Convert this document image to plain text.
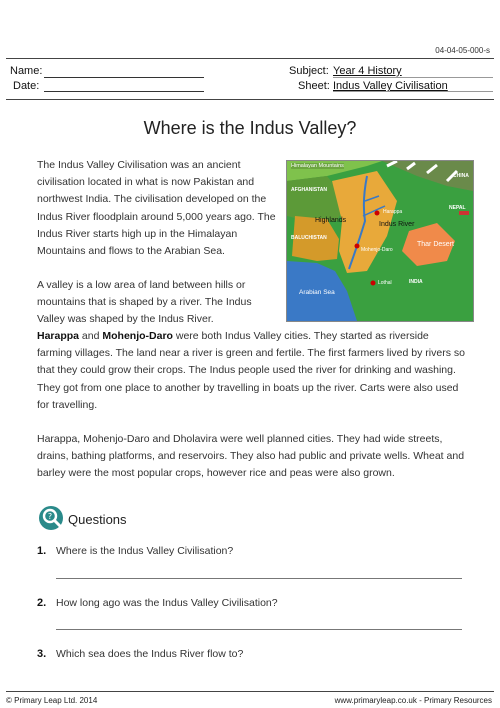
04-04-05-000-s
Name:
Date:
Subject: Year 4 History
Sheet: Indus Valley Civilisation
Where is the Indus Valley?
The Indus Valley Civilisation was an ancient civilisation located in what is now Pakistan and northwest India. The civilisation developed on the Indus River floodplain around 5,000 years ago. The Indus River starts high up in the Himalayan Mountains and flows to the Arabian Sea.
Himalayan Mountains
AFGHANISTAN
Highlands
BALUCHISTAN
Indus River
Harappa
Mohenjo-Daro
Thar Desert
INDIA
Arabian Sea
Lothal
CHINA
NEPAL
A valley is a low area of land between hills or mountains that is shaped by a river. The Indus Valley was shaped by the Indus River.
Harappa and Mohenjo-Daro were both Indus Valley cities. They started as riverside farming villages. The land near a river is green and fertile. The first farmers lived by rivers so that they could grow their crops. The Indus people used the river for drinking and washing. They got from one place to another by travelling in boats up the river. Carts were also used for travelling.
Harappa, Mohenjo-Daro and Dholavira were well planned cities. They had wide streets, drains, bathing platforms, and reservoirs. They also had public and private wells. Wheat and barley were the most popular crops, however rice and peas were also grown.
? Questions
1. Where is the Indus Valley Civilisation?
2. How long ago was the Indus Valley Civilisation?
3. Which sea does the Indus River flow to?
© Primary Leap Ltd. 2014	www.primaryleap.co.uk - Primary Resources
